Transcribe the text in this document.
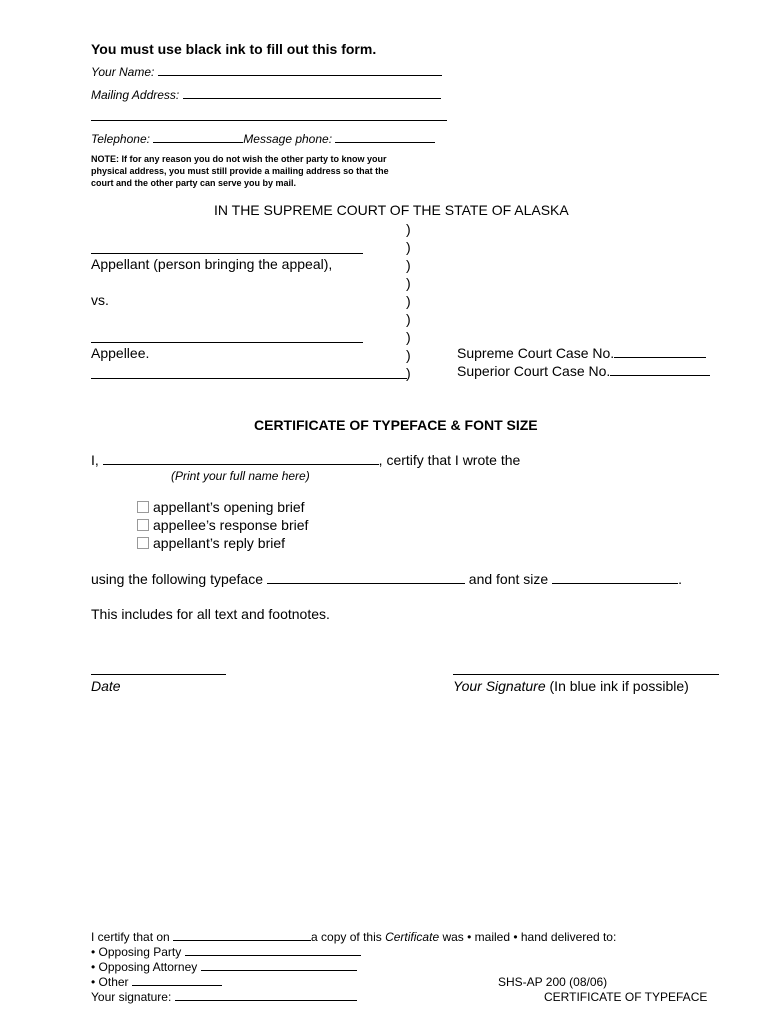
You must use black ink to fill out this form.
Your Name:
Mailing Address:
Telephone:	Message phone:
NOTE: If for any reason you do not wish the other party to know your
physical address, you must still provide a mailing address so that the
court and the other party can serve you by mail.
IN THE SUPREME COURT OF THE STATE OF ALASKA
)
)
)
)
)
)
)
)
)
Appellant (person bringing the appeal),
vs.
Appellee.	Supreme Court Case No.
Superior Court Case No.
CERTIFICATE OF TYPEFACE & FONT SIZE
I,	, certify that I wrote the
(Print your full name here)
appellant’s opening brief
appellee’s response brief
appellant’s reply brief
using the following typeface	and font size	.
This includes for all text and footnotes.
Date	Your Signature (In blue ink if possible)
I certify that on	a copy of this Certificate was • mailed • hand delivered to:
• Opposing Party
• Opposing Attorney
• Other
Your signature:
SHS-AP 200 (08/06)
CERTIFICATE OF TYPEFACE
